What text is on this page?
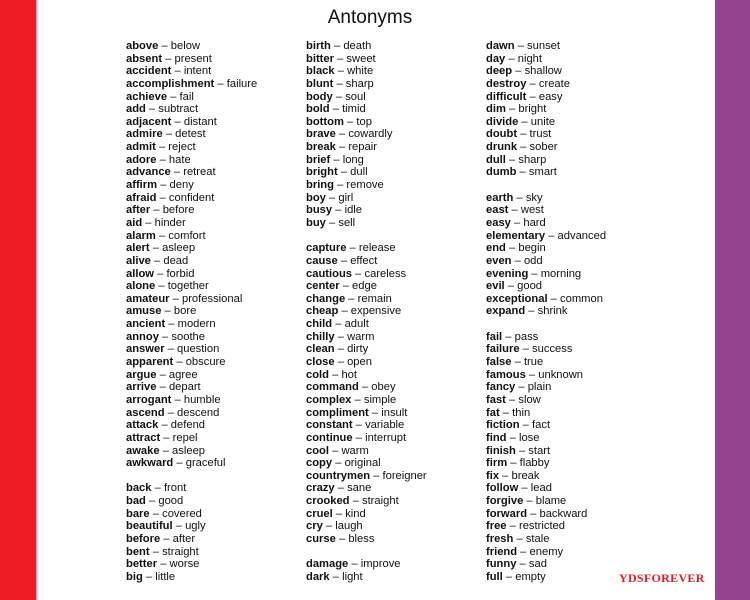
Antonyms
above – below
absent – present
accident – intent
accomplishment – failure
achieve – fail
add – subtract
adjacent – distant
admire – detest
admit – reject
adore – hate
advance – retreat
affirm – deny
afraid – confident
after – before
aid – hinder
alarm – comfort
alert – asleep
alive – dead
allow – forbid
alone – together
amateur – professional
amuse – bore
ancient – modern
annoy – soothe
answer – question
apparent – obscure
argue – agree
arrive – depart
arrogant – humble
ascend – descend
attack – defend
attract – repel
awake – asleep
awkward – graceful
back – front
bad – good
bare – covered
beautiful – ugly
before – after
bent – straight
better – worse
big – little
birth – death
bitter – sweet
black – white
blunt – sharp
body – soul
bold – timid
bottom – top
brave – cowardly
break – repair
brief – long
bright – dull
bring – remove
boy – girl
busy – idle
buy – sell
capture – release
cause – effect
cautious – careless
center – edge
change – remain
cheap – expensive
child – adult
chilly – warm
clean – dirty
close – open
cold – hot
command – obey
complex – simple
compliment – insult
constant – variable
continue – interrupt
cool – warm
copy – original
countrymen – foreigner
crazy – sane
crooked – straight
cruel – kind
cry – laugh
curse – bless
damage – improve
dark – light
dawn – sunset
day – night
deep – shallow
destroy – create
difficult – easy
dim – bright
divide – unite
doubt – trust
drunk – sober
dull – sharp
dumb – smart
earth – sky
east – west
easy – hard
elementary – advanced
end – begin
even – odd
evening – morning
evil – good
exceptional – common
expand – shrink
fail – pass
failure – success
false – true
famous – unknown
fancy – plain
fast – slow
fat – thin
fiction – fact
find – lose
finish – start
firm – flabby
fix – break
follow – lead
forgive – blame
forward – backward
free – restricted
fresh – stale
friend – enemy
funny – sad
full – empty	YDSFOREVER
